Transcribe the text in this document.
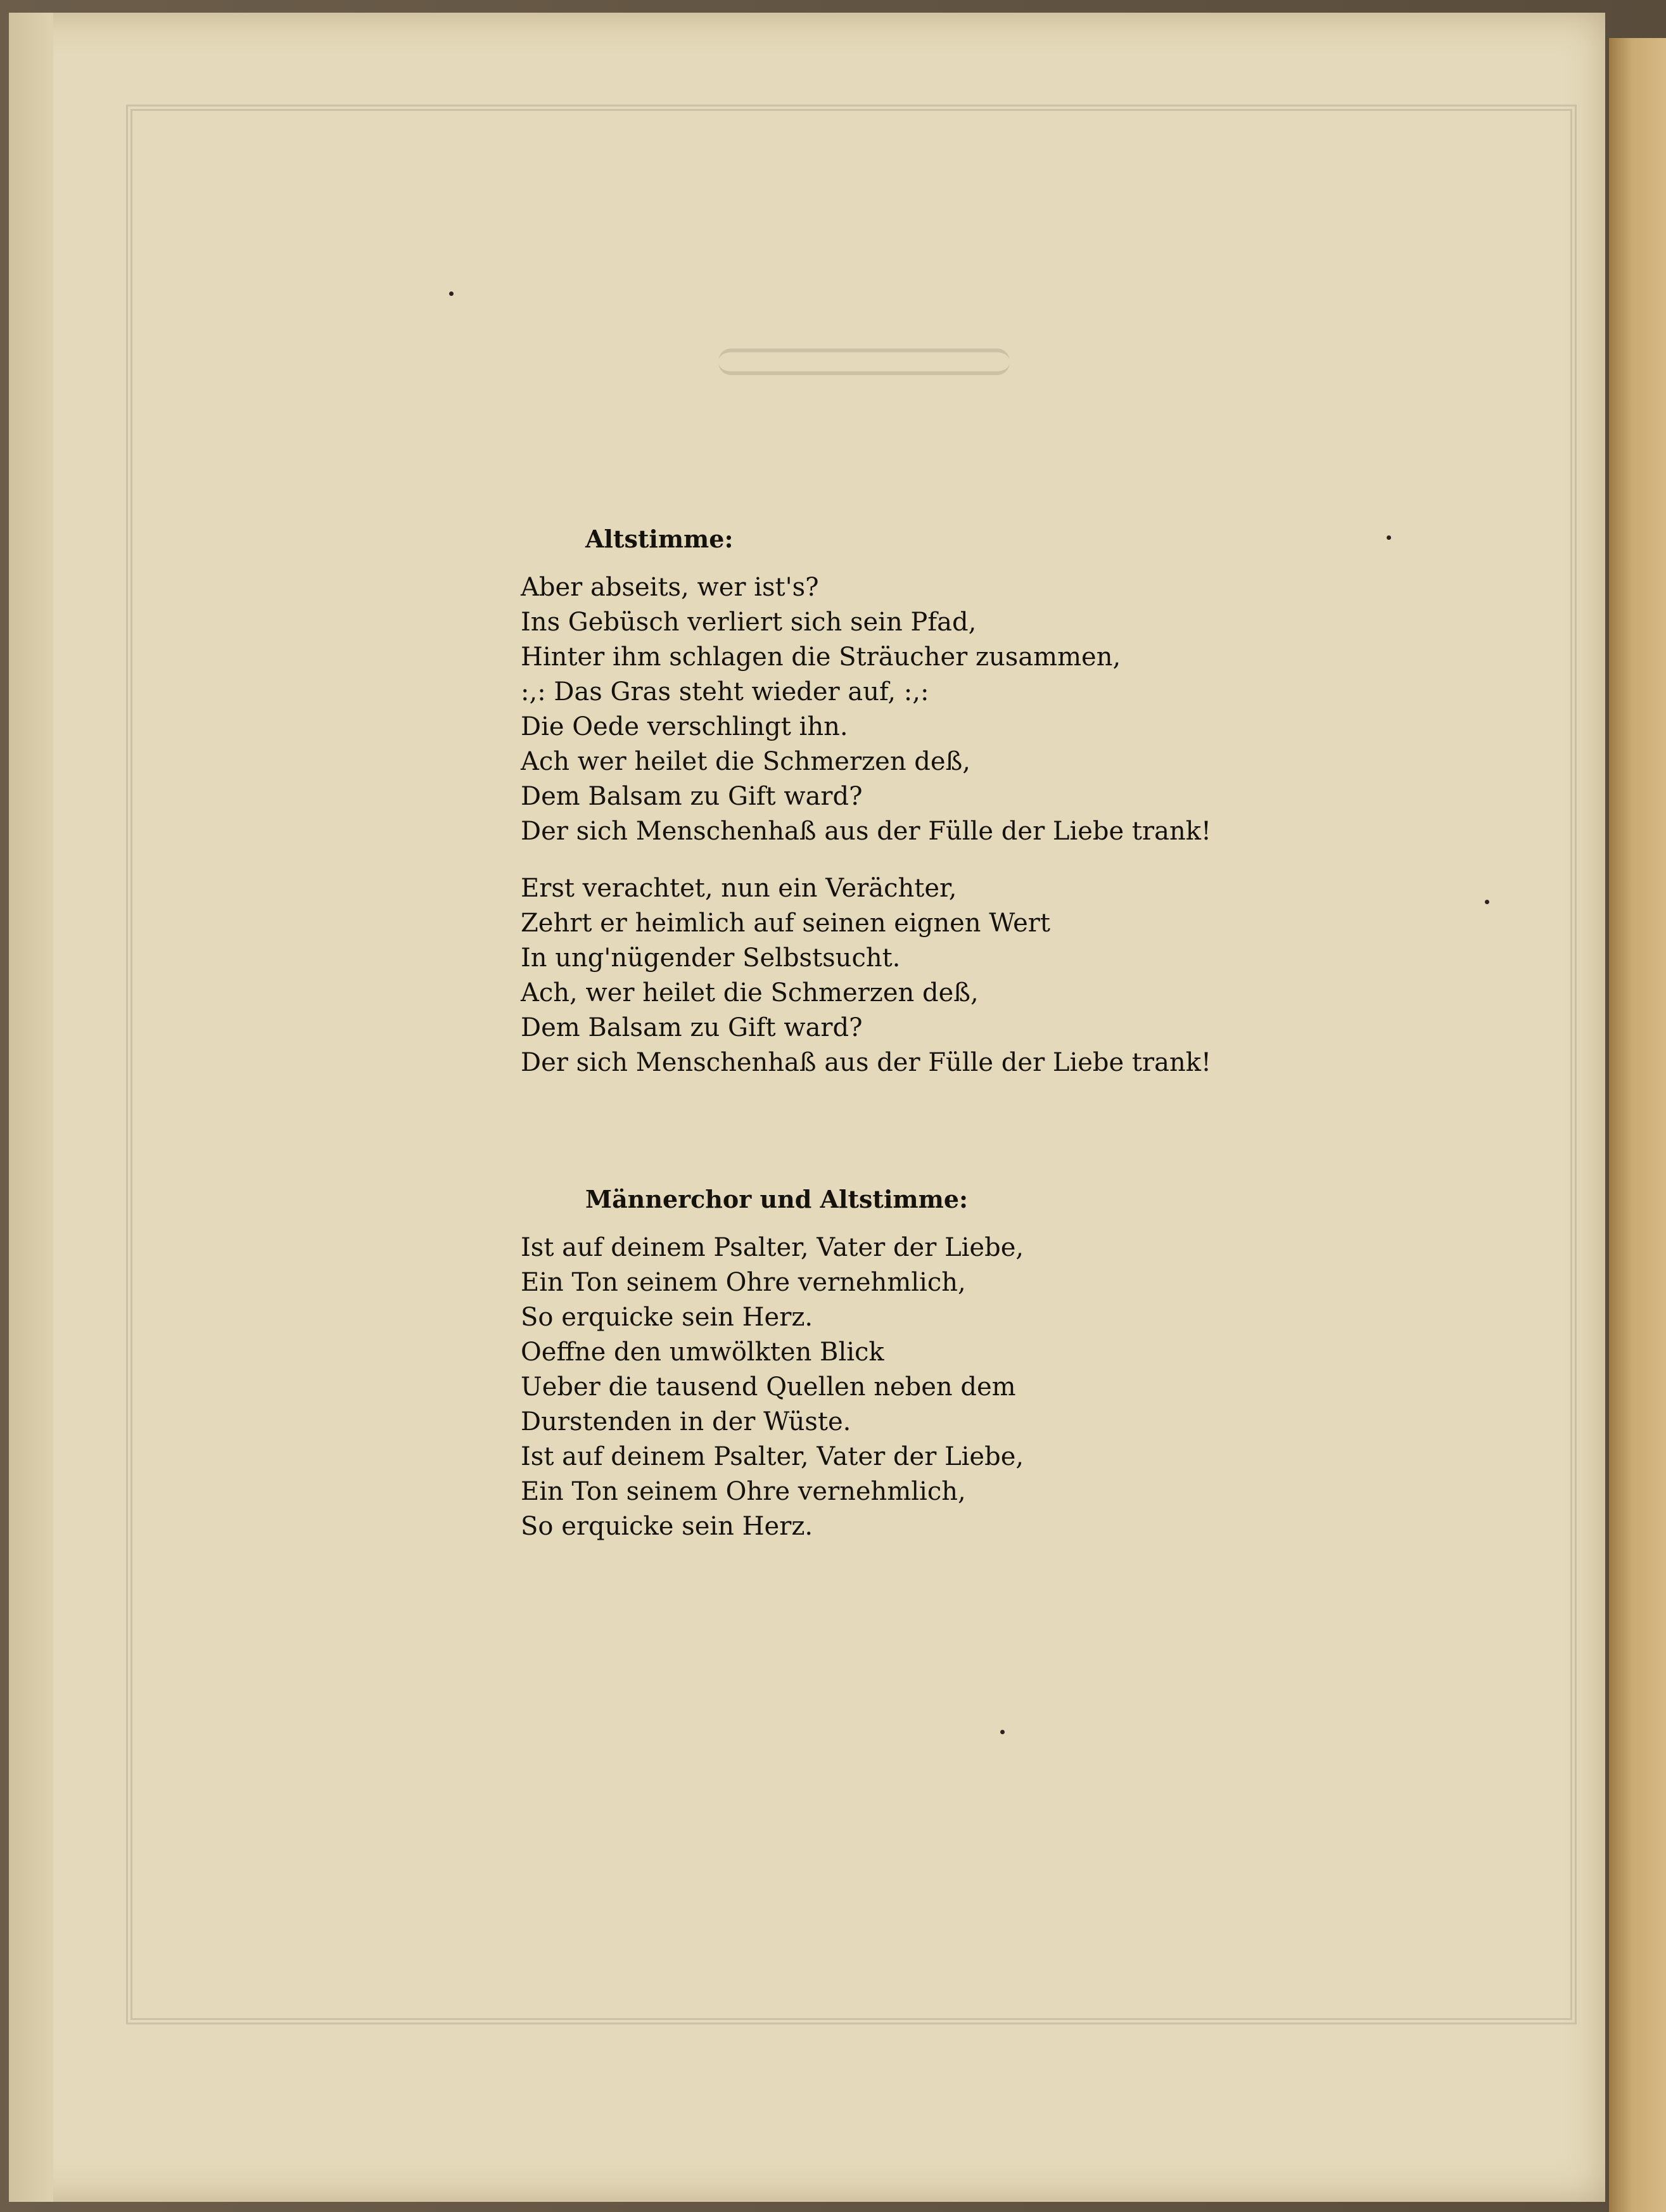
Altstimme:
Aber abseits, wer ist's?
Ins Gebüsch verliert sich sein Pfad,
Hinter ihm schlagen die Sträucher zusammen,
:,: Das Gras steht wieder auf, :,:
Die Oede verschlingt ihn.
Ach wer heilet die Schmerzen deß,
Dem Balsam zu Gift ward?
Der sich Menschenhaß aus der Fülle der Liebe trank!
Erst verachtet, nun ein Verächter,
Zehrt er heimlich auf seinen eignen Wert
In ung'nügender Selbstsucht.
Ach, wer heilet die Schmerzen deß,
Dem Balsam zu Gift ward?
Der sich Menschenhaß aus der Fülle der Liebe trank!
Männerchor und Altstimme:
Ist auf deinem Psalter, Vater der Liebe,
Ein Ton seinem Ohre vernehmlich,
So erquicke sein Herz.
Oeffne den umwölkten Blick
Ueber die tausend Quellen neben dem
Durstenden in der Wüste.
Ist auf deinem Psalter, Vater der Liebe,
Ein Ton seinem Ohre vernehmlich,
So erquicke sein Herz.
